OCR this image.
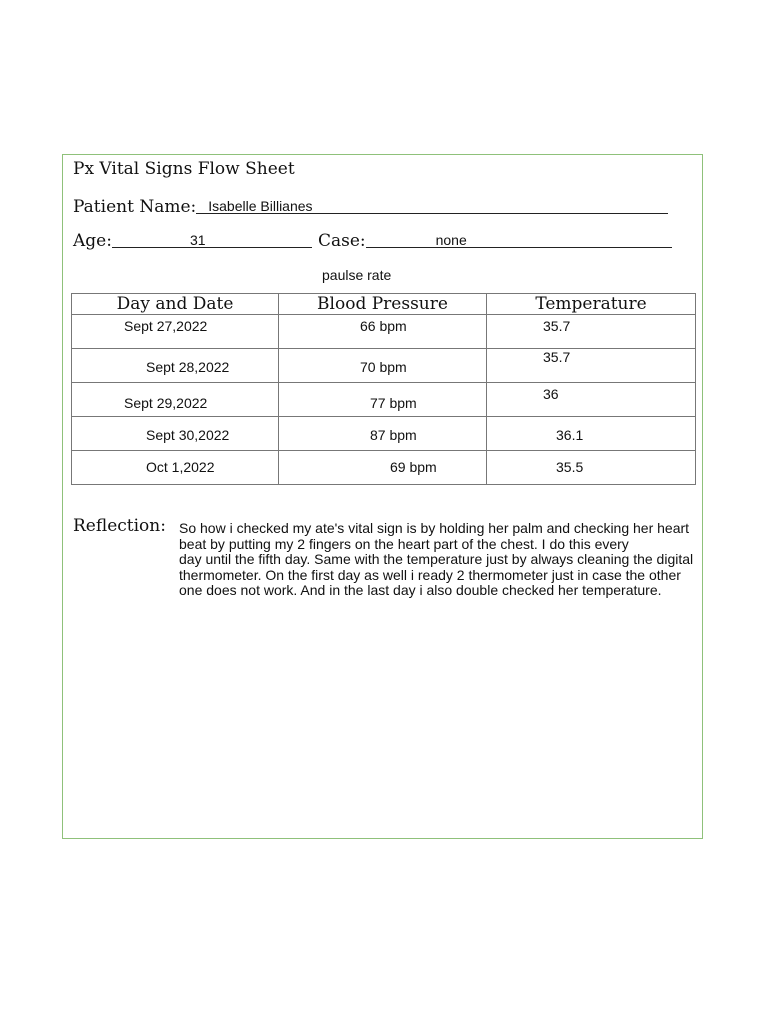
Px Vital Signs Flow Sheet
Patient Name: Isabelle Billianes
Age:	31	Case:	none
paulse rate
Day and Date	Blood Pressure	Temperature

Sept 27,2022	66 bpm	35.7

Sept 28,2022	70 bpm	35.7

Sept 29,2022	77 bpm	36

Sept 30,2022	87 bpm	36.1

Oct 1,2022	69 bpm	35.5
Reflection: So how i checked my ate's vital sign is by holding her palm and checking her heart beat by putting my 2 fingers on the heart part of the chest. I do this every
day until the fifth day. Same with the temperature just by always cleaning the digital thermometer. On the first day as well i ready 2 thermometer just in case the other one does not work. And in the last day i also double checked her temperature.
